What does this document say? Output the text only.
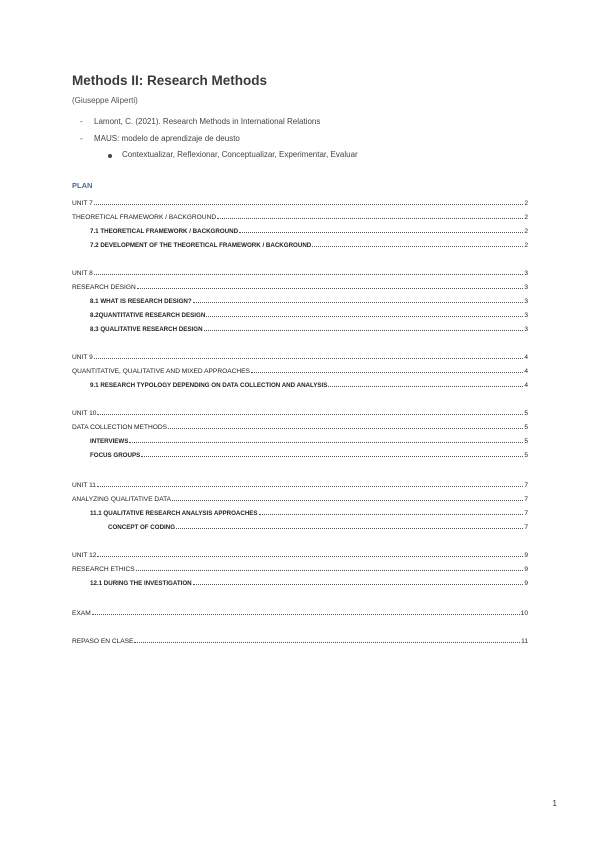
Methods II: Research Methods
(Giuseppe Aliperti)
- Lamont, C. (2021). Research Methods in International Relations
- MAUS: modelo de aprendizaje de deusto
Contextualizar, Reflexionar, Conceptualizar, Experimentar, Evaluar
PLAN
UNIT 7	2
THEORETICAL FRAMEWORK / BACKGROUND	2
7.1 THEORETICAL FRAMEWORK / BACKGROUND	2
7.2 DEVELOPMENT OF THE THEORETICAL FRAMEWORK / BACKGROUND	2
UNIT 8	3
RESEARCH DESIGN	3
8.1 WHAT IS RESEARCH DESIGN?	3
8.2QUANTITATIVE RESEARCH DESIGN	3
8.3 QUALITATIVE RESEARCH DESIGN	3
UNIT 9	4
QUANTITATIVE, QUALITATIVE AND MIXED APPROACHES	4
9.1 RESEARCH TYPOLOGY DEPENDING ON DATA COLLECTION AND ANALYSIS	4
UNIT 10	5
DATA COLLECTION METHODS	5
INTERVIEWS	5
FOCUS GROUPS	5
UNIT 11	7
ANALYZING QUALITATIVE DATA	7
11.1 QUALITATIVE RESEARCH ANALYSIS APPROACHES	7
CONCEPT OF CODING	7
UNIT 12	9
RESEARCH ETHICS	9
12.1 DURING THE INVESTIGATION	9
EXAM	10
REPASO EN CLASE	11
1
